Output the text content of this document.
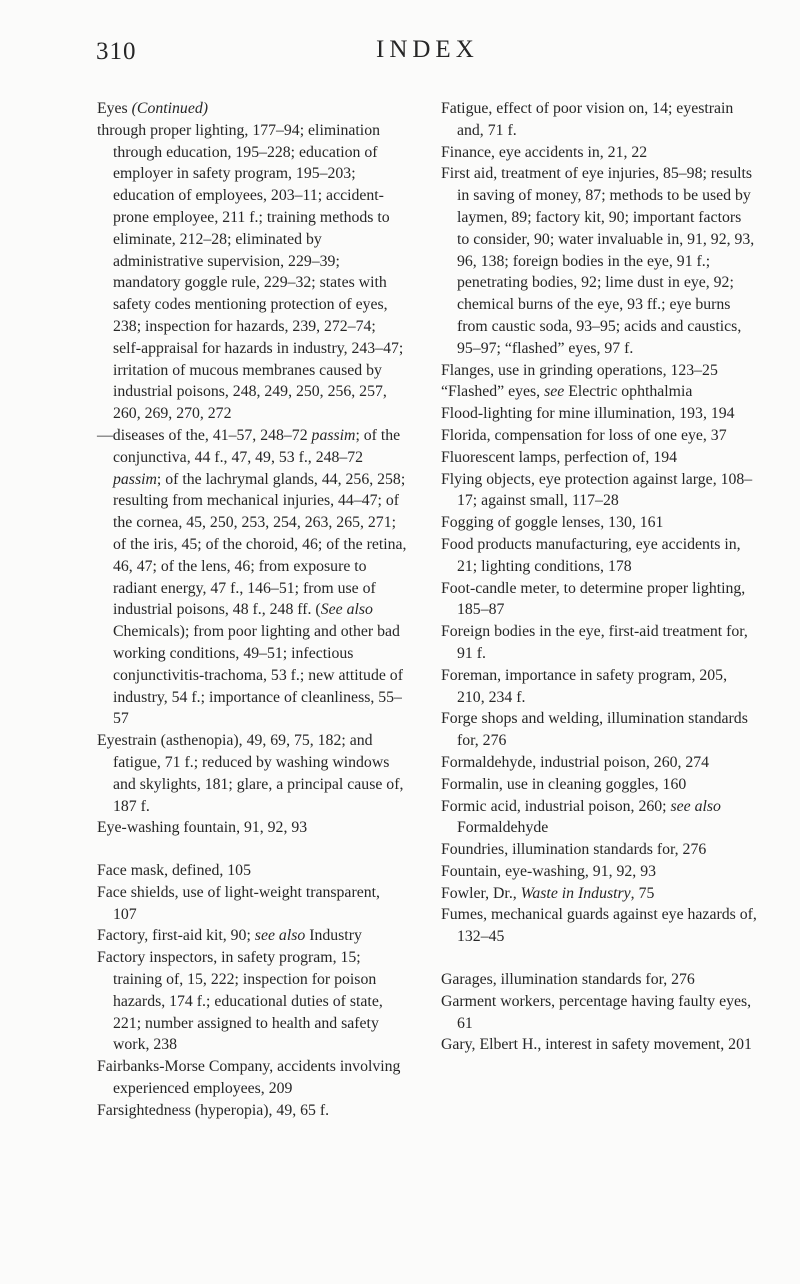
310	INDEX

Eyes (Continued)

through proper lighting, 177–94; elimination through education, 195–228; education of employer in safety program, 195–203; education of employees, 203–11; accident-prone employee, 211 f.; training methods to eliminate, 212–28; eliminated by administrative supervision, 229–39; mandatory goggle rule, 229–32; states with safety codes mentioning protection of eyes, 238; inspection for hazards, 239, 272–74; self-appraisal for hazards in industry, 243–47; irritation of mucous membranes caused by industrial poisons, 248, 249, 250, 256, 257, 260, 269, 270, 272

—diseases of the, 41–57, 248–72 passim; of the conjunctiva, 44 f., 47, 49, 53 f., 248–72 passim; of the lachrymal glands, 44, 256, 258; resulting from mechanical injuries, 44–47; of the cornea, 45, 250, 253, 254, 263, 265, 271; of the iris, 45; of the choroid, 46; of the retina, 46, 47; of the lens, 46; from exposure to radiant energy, 47 f., 146–51; from use of industrial poisons, 48 f., 248 ff. (See also Chemicals); from poor lighting and other bad working conditions, 49–51; infectious conjunctivitis-trachoma, 53 f.; new attitude of industry, 54 f.; importance of cleanliness, 55–57

Eyestrain (asthenopia), 49, 69, 75, 182; and fatigue, 71 f.; reduced by washing windows and skylights, 181; glare, a principal cause of, 187 f.

Eye-washing fountain, 91, 92, 93

Face mask, defined, 105

Face shields, use of light-weight transparent, 107

Factory, first-aid kit, 90; see also Industry

Factory inspectors, in safety program, 15; training of, 15, 222; inspection for poison hazards, 174 f.; educational duties of state, 221; number assigned to health and safety work, 238

Fairbanks-Morse Company, accidents involving experienced employees, 209

Farsightedness (hyperopia), 49, 65 f.

Fatigue, effect of poor vision on, 14; eyestrain and, 71 f.

Finance, eye accidents in, 21, 22

First aid, treatment of eye injuries, 85–98; results in saving of money, 87; methods to be used by laymen, 89; factory kit, 90; important factors to consider, 90; water invaluable in, 91, 92, 93, 96, 138; foreign bodies in the eye, 91 f.; penetrating bodies, 92; lime dust in eye, 92; chemical burns of the eye, 93 ff.; eye burns from caustic soda, 93–95; acids and caustics, 95–97; “flashed” eyes, 97 f.

Flanges, use in grinding operations, 123–25

“Flashed” eyes, see Electric ophthalmia

Flood-lighting for mine illumination, 193, 194

Florida, compensation for loss of one eye, 37

Fluorescent lamps, perfection of, 194

Flying objects, eye protection against large, 108–17; against small, 117–28

Fogging of goggle lenses, 130, 161

Food products manufacturing, eye accidents in, 21; lighting conditions, 178

Foot-candle meter, to determine proper lighting, 185–87

Foreign bodies in the eye, first-aid treatment for, 91 f.

Foreman, importance in safety program, 205, 210, 234 f.

Forge shops and welding, illumination standards for, 276

Formaldehyde, industrial poison, 260, 274

Formalin, use in cleaning goggles, 160

Formic acid, industrial poison, 260; see also Formaldehyde

Foundries, illumination standards for, 276

Fountain, eye-washing, 91, 92, 93

Fowler, Dr., Waste in Industry, 75

Fumes, mechanical guards against eye hazards of, 132–45

Garages, illumination standards for, 276

Garment workers, percentage having faulty eyes, 61

Gary, Elbert H., interest in safety movement, 201
